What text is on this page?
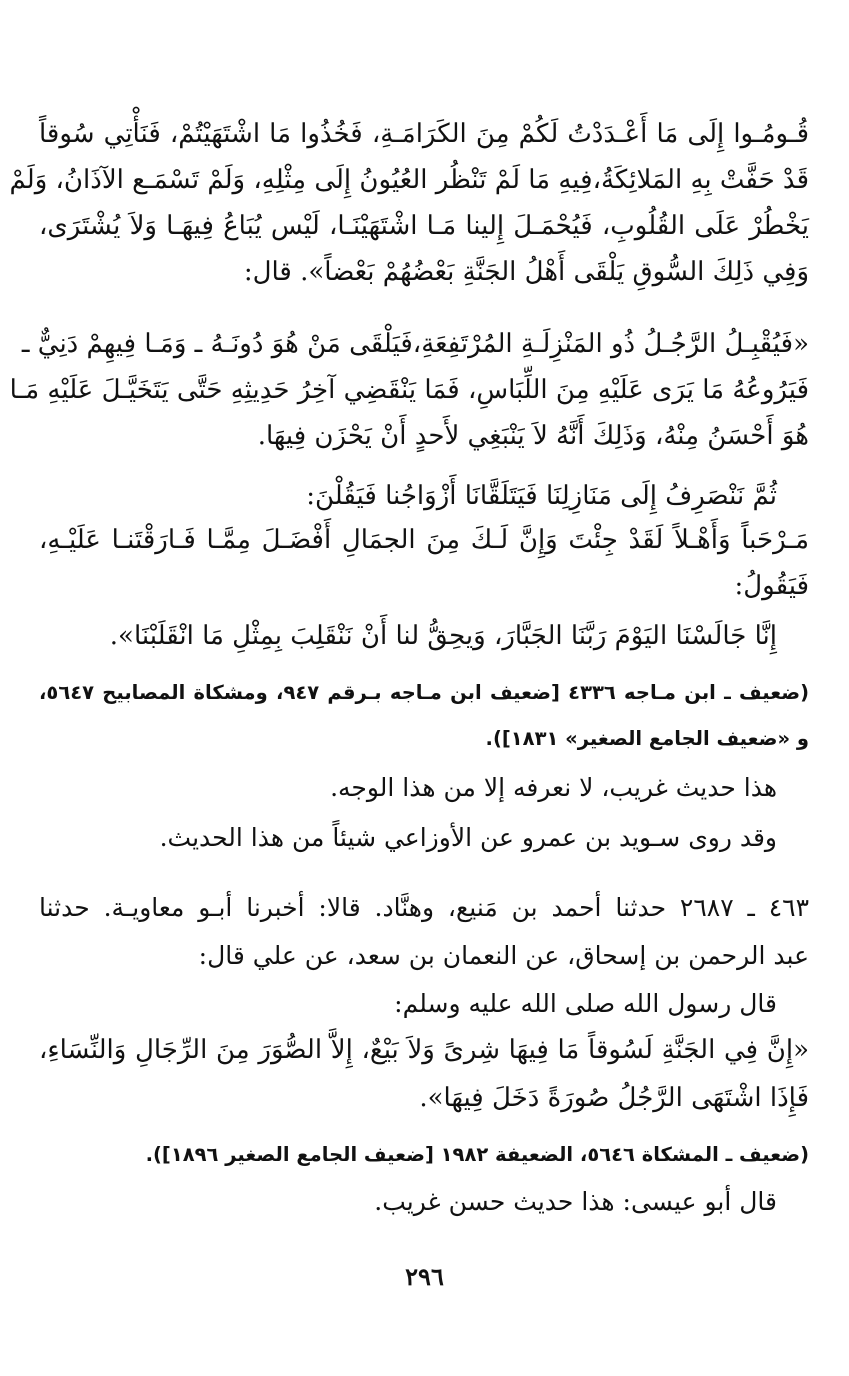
قُـومُـوا إِلَى مَا أَعْـدَدْتُ لَكُمْ مِنَ الكَرَامَـةِ، فَخُذُوا مَا اشْتَهَيْتُمْ، فَنَأْتِي سُوقاً
قَدْ حَفَّتْ بِهِ المَلائِكَةُ،فِيهِ مَا لَمْ تَنْظُر العُيُونُ إِلَى مِثْلِهِ، وَلَمْ تَسْمَـع الآذَانُ، وَلَمْ
يَخْطُرْ عَلَى القُلُوبِ، فَيُحْمَـلَ إِلينا مَـا اشْتَهَيْنَـا، لَيْس يُبَاعُ فِيهَـا وَلاَ يُشْتَرَى،
وَفِي ذَلِكَ السُّوقِ يَلْقَى أَهْلُ الجَنَّةِ بَعْضُهُمْ بَعْضاً». قال:
«فَيُقْبِـلُ الرَّجُـلُ ذُو المَنْزِلَـةِ المُرْتَفِعَةِ،فَيَلْقَى مَنْ هُوَ دُونَـهُ ـ وَمَـا فِيهِمْ دَنِيٌّ ـ
فَيَرُوعُهُ مَا يَرَى عَلَيْهِ مِنَ اللِّبَاسِ، فَمَا يَنْقَضِي آخِرُ حَدِيثِهِ حَتَّى يَتَخَيَّـلَ عَلَيْهِ مَـا
هُوَ أَحْسَنُ مِنْهُ، وَذَلِكَ أَنَّهُ لاَ يَنْبَغِي لأَحدٍ أَنْ يَحْزَن فِيهَا.
ثُمَّ نَنْصَرِفُ إِلَى مَنَازِلِنَا فَيَتَلَقَّانَا أَزْوَاجُنا فَيَقُلْنَ:
مَـرْحَباً وَأَهْـلاً لَقَدْ جِئْتَ وَإِنَّ لَـكَ مِنَ الجمَالِ أَفْضَـلَ مِمَّـا فَـارَقْتَنـا عَلَيْـهِ،
فَيَقُولُ:
إِنَّا جَالَسْنَا اليَوْمَ رَبَّنَا الجَبَّارَ، وَيحِقُّ لنا أَنْ نَنْقَلِبَ بِمِثْلِ مَا انْقَلَبْنَا».
(ضعيف ـ ابن مـاجه ٤٣٣٦ [ضعيف ابن مـاجه بـرقم ٩٤٧، ومشكاة المصابيح ٥٦٤٧،
و «ضعيف الجامع الصغير» ١٨٣١]).
هذا حديث غريب، لا نعرفه إلا من هذا الوجه.
وقد روى سـويد بن عمرو عن الأوزاعي شيئاً من هذا الحديث.
٤٦٣ ـ ٢٦٨٧ حدثنا أحمد بن مَنيع، وهنَّاد. قالا: أخبرنا أبـو معاويـة. حدثنا
عبد الرحمن بن إسحاق، عن النعمان بن سعد، عن علي قال:
قال رسول الله صلى الله عليه وسلم:
«إِنَّ فِي الجَنَّةِ لَسُوقاً مَا فِيهَا شِرىً وَلاَ بَيْعٌ، إِلاَّ الصُّوَرَ مِنَ الرِّجَالِ وَالنِّسَاءِ،
فَإِذَا اشْتَهَى الرَّجُلُ صُورَةً دَخَلَ فِيهَا».
(ضعيف ـ المشكاة ٥٦٤٦، الضعيفة ١٩٨٢ [ضعيف الجامع الصغير ١٨٩٦]).
قال أبو عيسى: هذا حديث حسن غريب.
٢٩٦
